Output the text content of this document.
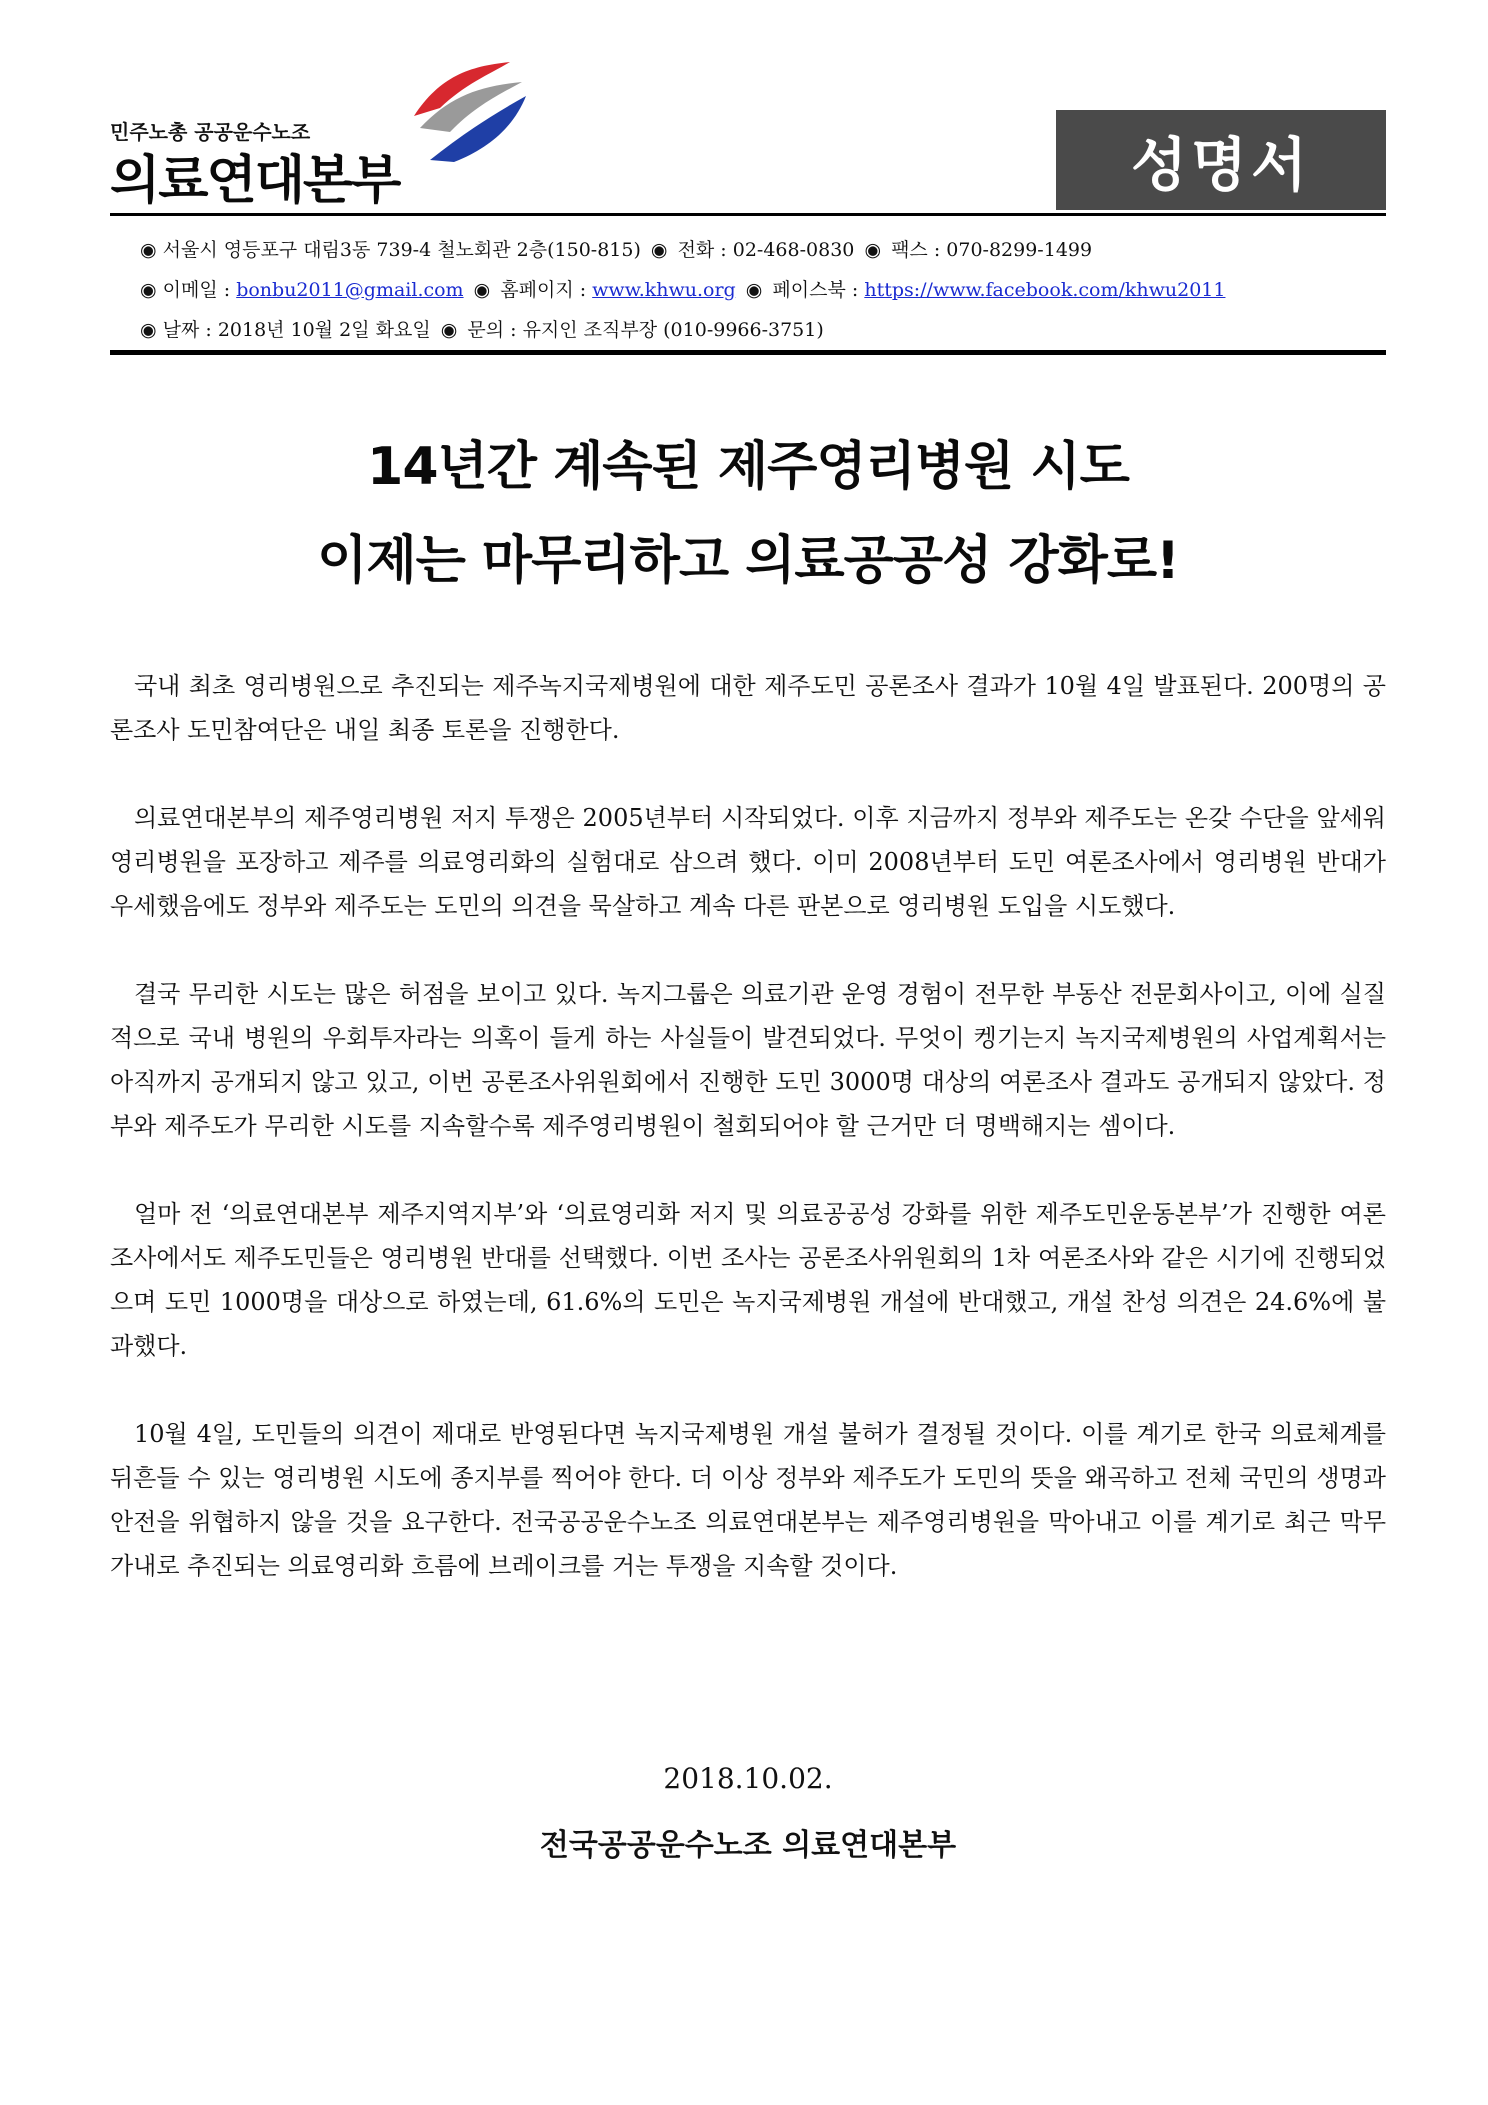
민주노총 공공운수노조
의료연대본부	성명서
◉ 서울시 영등포구 대림3동 739-4 철노회관 2층(150-815) ◉ 전화 : 02-468-0830 ◉ 팩스 : 070-8299-1499
◉ 이메일 : bonbu2011@gmail.com ◉ 홈페이지 : www.khwu.org ◉ 페이스북 : https://www.facebook.com/khwu2011
◉ 날짜 : 2018년 10월 2일 화요일 ◉ 문의 : 유지인 조직부장 (010-9966-3751)
14년간 계속된 제주영리병원 시도
이제는 마무리하고 의료공공성 강화로!

국내 최초 영리병원으로 추진되는 제주녹지국제병원에 대한 제주도민 공론조사 결과가 10월 4일 발표된다. 200명의 공론조사 도민참여단은 내일 최종 토론을 진행한다.

의료연대본부의 제주영리병원 저지 투쟁은 2005년부터 시작되었다. 이후 지금까지 정부와 제주도는 온갖 수단을 앞세워 영리병원을 포장하고 제주를 의료영리화의 실험대로 삼으려 했다. 이미 2008년부터 도민 여론조사에서 영리병원 반대가 우세했음에도 정부와 제주도는 도민의 의견을 묵살하고 계속 다른 판본으로 영리병원 도입을 시도했다.

결국 무리한 시도는 많은 허점을 보이고 있다. 녹지그룹은 의료기관 운영 경험이 전무한 부동산 전문회사이고, 이에 실질적으로 국내 병원의 우회투자라는 의혹이 들게 하는 사실들이 발견되었다. 무엇이 켕기는지 녹지국제병원의 사업계획서는 아직까지 공개되지 않고 있고, 이번 공론조사위원회에서 진행한 도민 3000명 대상의 여론조사 결과도 공개되지 않았다. 정부와 제주도가 무리한 시도를 지속할수록 제주영리병원이 철회되어야 할 근거만 더 명백해지는 셈이다.

얼마 전 ‘의료연대본부 제주지역지부’와 ‘의료영리화 저지 및 의료공공성 강화를 위한 제주도민운동본부’가 진행한 여론조사에서도 제주도민들은 영리병원 반대를 선택했다. 이번 조사는 공론조사위원회의 1차 여론조사와 같은 시기에 진행되었으며 도민 1000명을 대상으로 하였는데, 61.6%의 도민은 녹지국제병원 개설에 반대했고, 개설 찬성 의견은 24.6%에 불과했다.

10월 4일, 도민들의 의견이 제대로 반영된다면 녹지국제병원 개설 불허가 결정될 것이다. 이를 계기로 한국 의료체계를 뒤흔들 수 있는 영리병원 시도에 종지부를 찍어야 한다. 더 이상 정부와 제주도가 도민의 뜻을 왜곡하고 전체 국민의 생명과 안전을 위협하지 않을 것을 요구한다. 전국공공운수노조 의료연대본부는 제주영리병원을 막아내고 이를 계기로 최근 막무가내로 추진되는 의료영리화 흐름에 브레이크를 거는 투쟁을 지속할 것이다.

2018.10.02.
전국공공운수노조 의료연대본부
